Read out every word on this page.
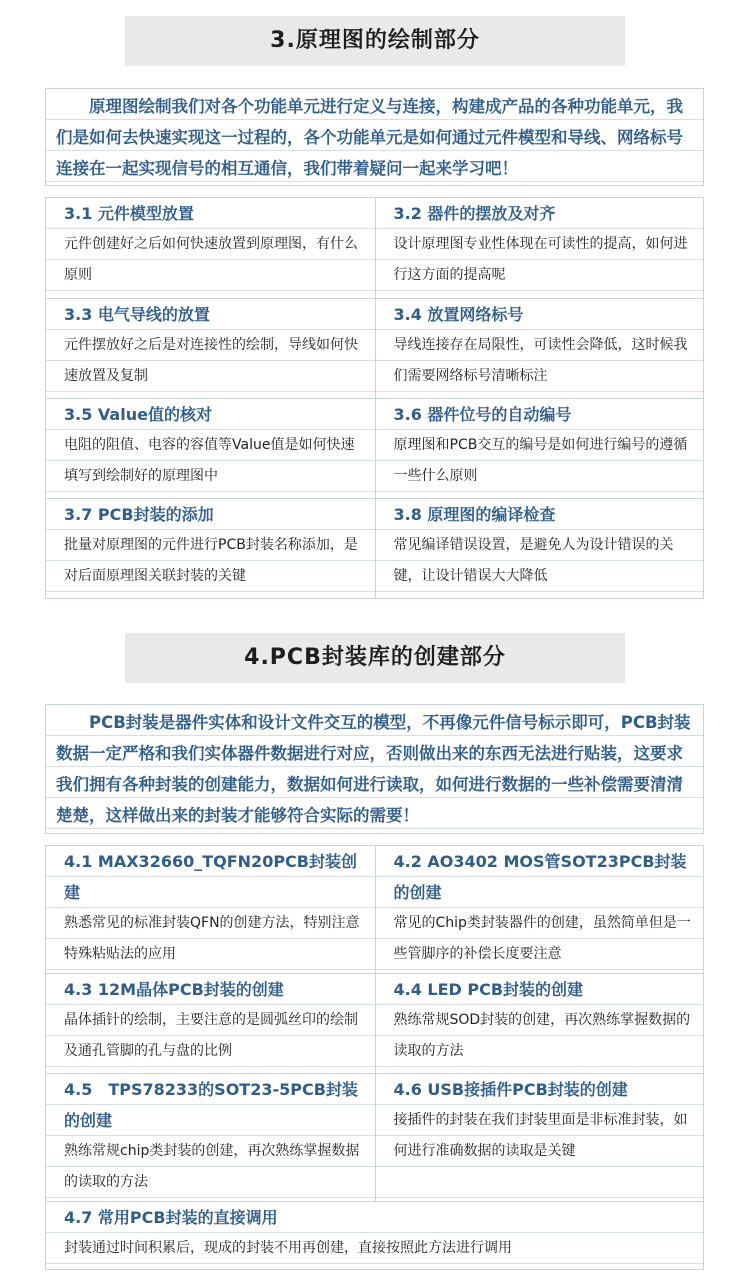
3.原理图的绘制部分

原理图绘制我们对各个功能单元进行定义与连接，构建成产品的各种功能单元，我们是如何去快速实现这一过程的，各个功能单元是如何通过元件模型和导线、网络标号连接在一起实现信号的相互通信，我们带着疑问一起来学习吧！

3.1 元件模型放置
元件创建好之后如何快速放置到原理图，有什么原则
3.2 器件的摆放及对齐
设计原理图专业性体现在可读性的提高，如何进行这方面的提高呢
3.3 电气导线的放置
元件摆放好之后是对连接性的绘制，导线如何快速放置及复制
3.4 放置网络标号
导线连接存在局限性，可读性会降低，这时候我们需要网络标号清晰标注
3.5 Value值的核对
电阻的阻值、电容的容值等Value值是如何快速填写到绘制好的原理图中
3.6 器件位号的自动编号
原理图和PCB交互的编号是如何进行编号的遵循一些什么原则
3.7 PCB封装的添加
批量对原理图的元件进行PCB封装名称添加，是对后面原理图关联封装的关键
3.8 原理图的编译检查
常见编译错误设置，是避免人为设计错误的关键，让设计错误大大降低
4.PCB封装库的创建部分

PCB封装是器件实体和设计文件交互的模型，不再像元件信号标示即可，PCB封装数据一定严格和我们实体器件数据进行对应，否则做出来的东西无法进行贴装，这要求我们拥有各种封装的创建能力，数据如何进行读取，如何进行数据的一些补偿需要清清楚楚，这样做出来的封装才能够符合实际的需要！

4.1 MAX32660_TQFN20PCB封装创建
熟悉常见的标准封装QFN的创建方法，特别注意特殊粘贴法的应用
4.2 AO3402 MOS管SOT23PCB封装的创建
常见的Chip类封装器件的创建，虽然简单但是一些管脚序的补偿长度要注意
4.3 12M晶体PCB封装的创建
晶体插针的绘制，主要注意的是圆弧丝印的绘制及通孔管脚的孔与盘的比例
4.4 LED PCB封装的创建
熟练常规SOD封装的创建，再次熟练掌握数据的读取的方法
4.5　TPS78233的SOT23-5PCB封装的创建
熟练常规chip类封装的创建，再次熟练掌握数据的读取的方法
4.6 USB接插件PCB封装的创建
接插件的封装在我们封装里面是非标准封装，如何进行准确数据的读取是关键
4.7 常用PCB封装的直接调用
封装通过时间积累后，现成的封装不用再创建，直接按照此方法进行调用
